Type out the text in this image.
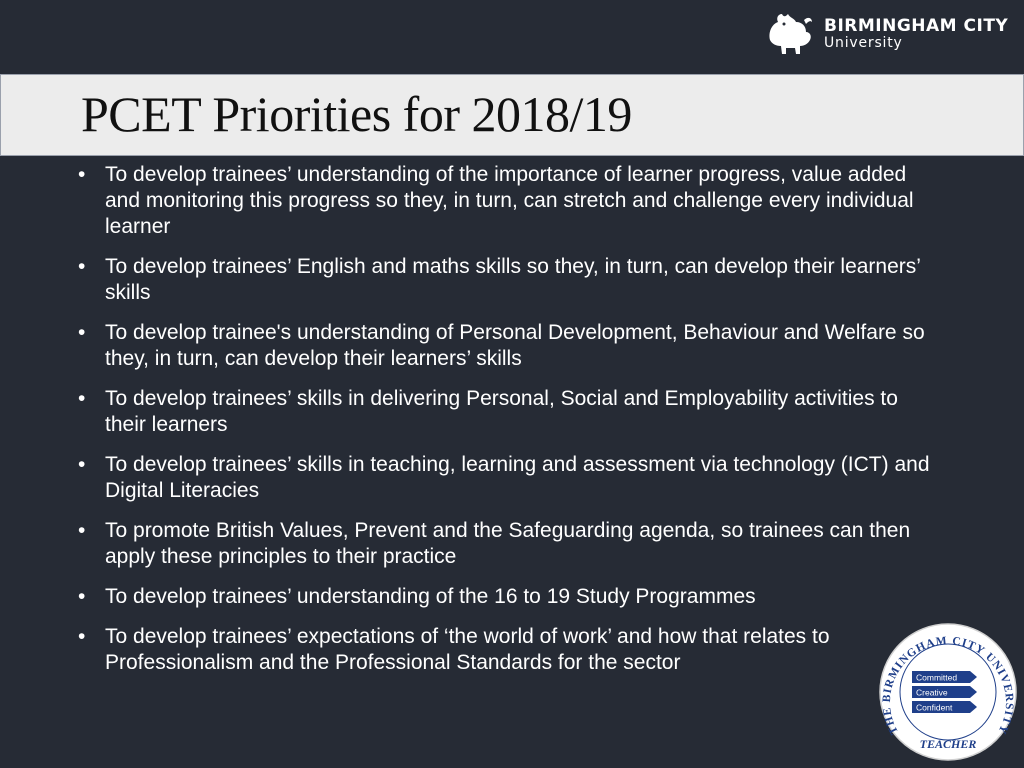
BIRMINGHAM CITY
University
PCET Priorities for 2018/19
• To develop trainees’ understanding of the importance of learner progress, value added and monitoring this progress so they, in turn, can stretch and challenge every individual learner
• To develop trainees’ English and maths skills so they, in turn, can develop their learners’ skills
• To develop trainee's understanding of Personal Development, Behaviour and Welfare so they, in turn, can develop their learners’ skills
• To develop trainees’ skills in delivering Personal, Social and Employability activities to their learners
• To develop trainees’ skills in teaching, learning and assessment via technology (ICT) and Digital Literacies
• To promote British Values, Prevent and the Safeguarding agenda, so trainees can then apply these principles to their practice
• To develop trainees’ understanding of the 16 to 19 Study Programmes
• To develop trainees’ expectations of ‘the world of work’ and how that relates to Professionalism and the Professional Standards for the sector
THE BIRMINGHAM CITY UNIVERSITY
TEACHER
Committed
Creative
Confident
